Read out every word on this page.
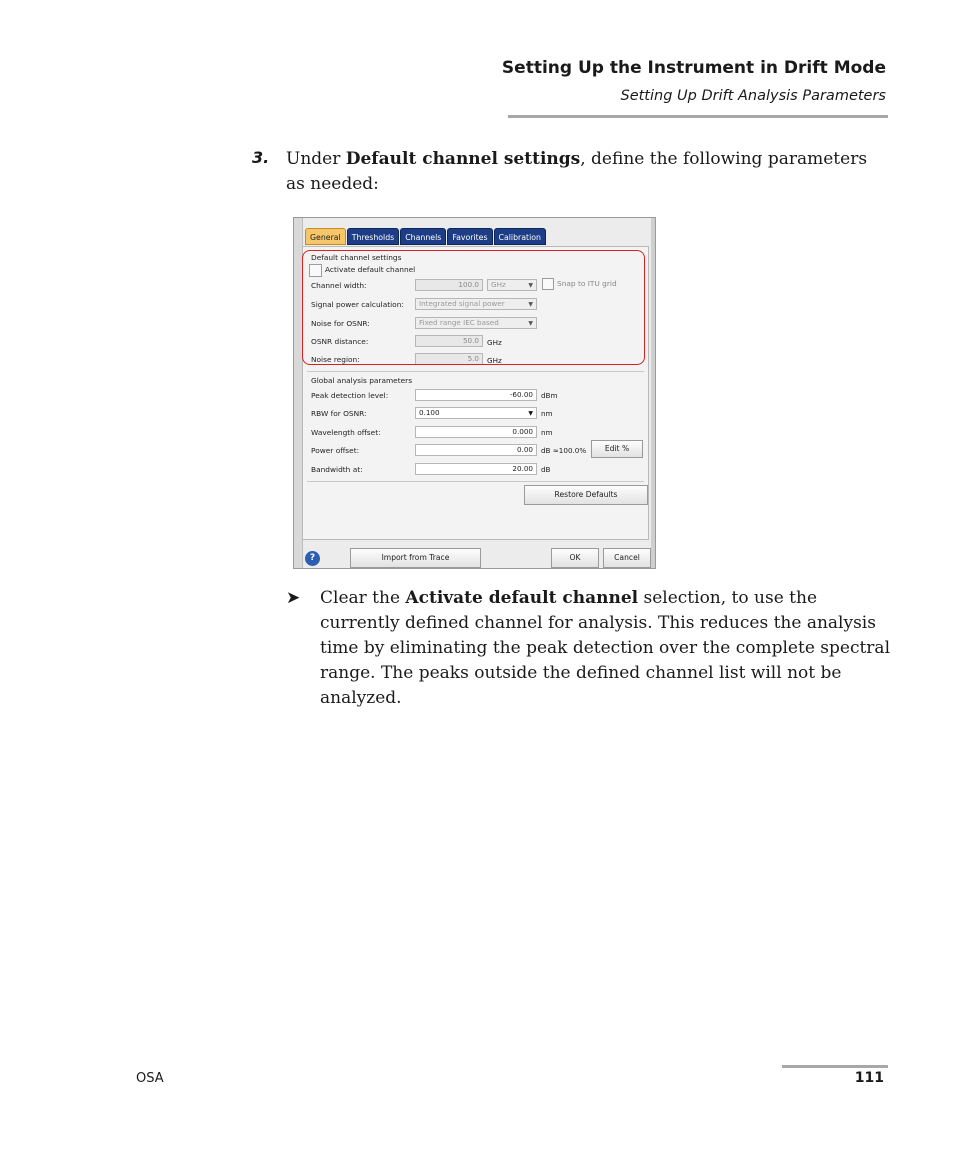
Setting Up the Instrument in Drift Mode
Setting Up Drift Analysis Parameters
3. Under Default channel settings, define the following parameters as needed:
General	Thresholds	Channels	Favorites	Calibration
Default channel settings
Activate default channel
Channel width:	100.0	GHz	▼	Snap to ITU grid
Signal power calculation:	Integrated signal power	▼
Noise for OSNR:	Fixed range IEC based	▼
OSNR distance:	50.0	GHz
Noise region:	5.0	GHz
Global analysis parameters
Peak detection level:	-60.00	dBm
RBW for OSNR:	0.100	▼ nm
Wavelength offset:	0.000	nm
Power offset:	0.00	dB ≈100.0%	Edit %
Bandwidth at:	20.00	dB
Restore Defaults
?	Import from Trace	OK	Cancel
➤ Clear the Activate default channel selection, to use the currently defined channel for analysis. This reduces the analysis time by eliminating the peak detection over the complete spectral range. The peaks outside the defined channel list will not be analyzed.
OSA	111
